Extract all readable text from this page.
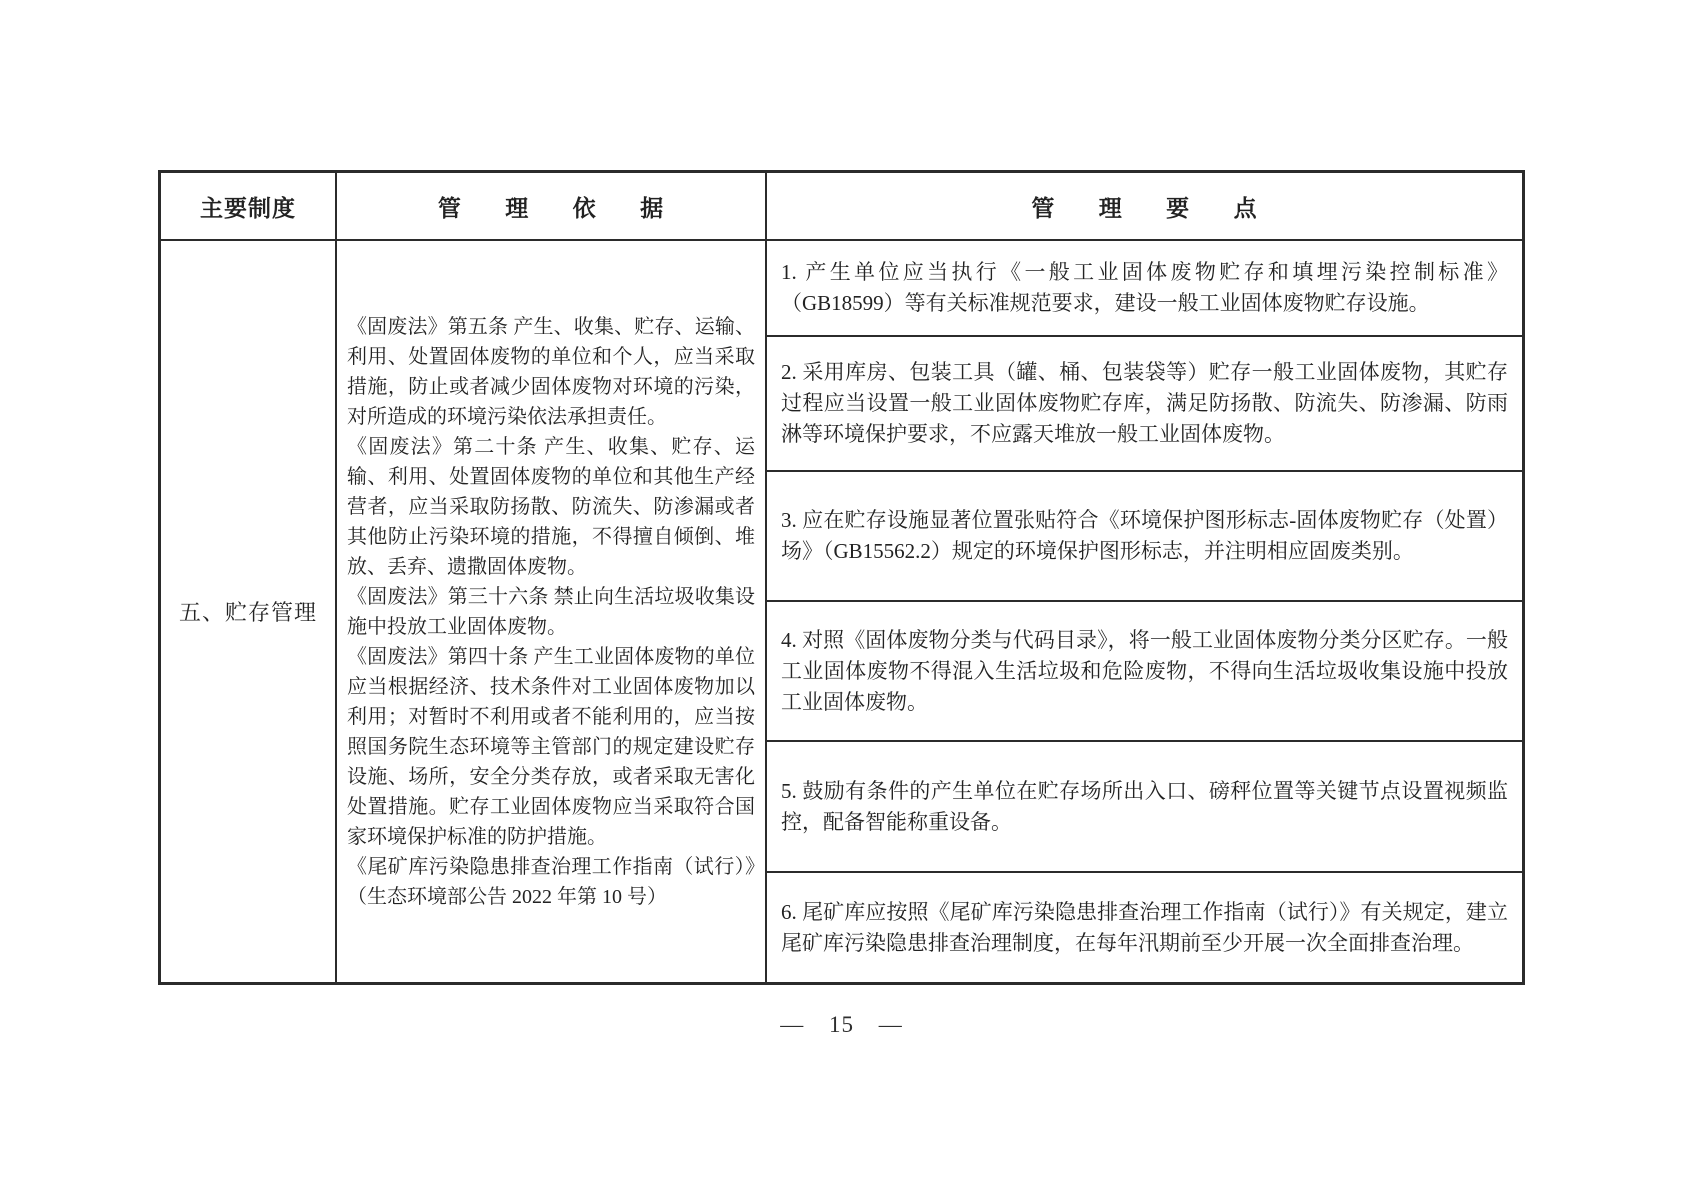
主要制度	管 理 依 据	管 理 要 点
五、贮存管理

《固废法》第五条 产生、收集、贮存、运输、利用、处置固体废物的单位和个人，应当采取措施，防止或者减少固体废物对环境的污染，对所造成的环境污染依法承担责任。

《固废法》第二十条 产生、收集、贮存、运输、利用、处置固体废物的单位和其他生产经营者，应当采取防扬散、防流失、防渗漏或者其他防止污染环境的措施，不得擅自倾倒、堆放、丢弃、遗撒固体废物。

《固废法》第三十六条 禁止向生活垃圾收集设施中投放工业固体废物。

《固废法》第四十条 产生工业固体废物的单位应当根据经济、技术条件对工业固体废物加以利用；对暂时不利用或者不能利用的，应当按照国务院生态环境等主管部门的规定建设贮存设施、场所，安全分类存放，或者采取无害化处置措施。贮存工业固体废物应当采取符合国家环境保护标准的防护措施。

《尾矿库污染隐患排查治理工作指南（试行）》（生态环境部公告 2022 年第 10 号）

1. 产生单位应当执行《一般工业固体废物贮存和填埋污染控制标准》（GB18599）等有关标准规范要求，建设一般工业固体废物贮存设施。

2. 采用库房、包装工具（罐、桶、包装袋等）贮存一般工业固体废物，其贮存过程应当设置一般工业固体废物贮存库，满足防扬散、防流失、防渗漏、防雨淋等环境保护要求，不应露天堆放一般工业固体废物。

3. 应在贮存设施显著位置张贴符合《环境保护图形标志-固体废物贮存（处置）场》（GB15562.2）规定的环境保护图形标志，并注明相应固废类别。

4. 对照《固体废物分类与代码目录》，将一般工业固体废物分类分区贮存。一般工业固体废物不得混入生活垃圾和危险废物，不得向生活垃圾收集设施中投放工业固体废物。

5. 鼓励有条件的产生单位在贮存场所出入口、磅秤位置等关键节点设置视频监控，配备智能称重设备。

6. 尾矿库应按照《尾矿库污染隐患排查治理工作指南（试行）》有关规定，建立尾矿库污染隐患排查治理制度，在每年汛期前至少开展一次全面排查治理。

— 15 —
